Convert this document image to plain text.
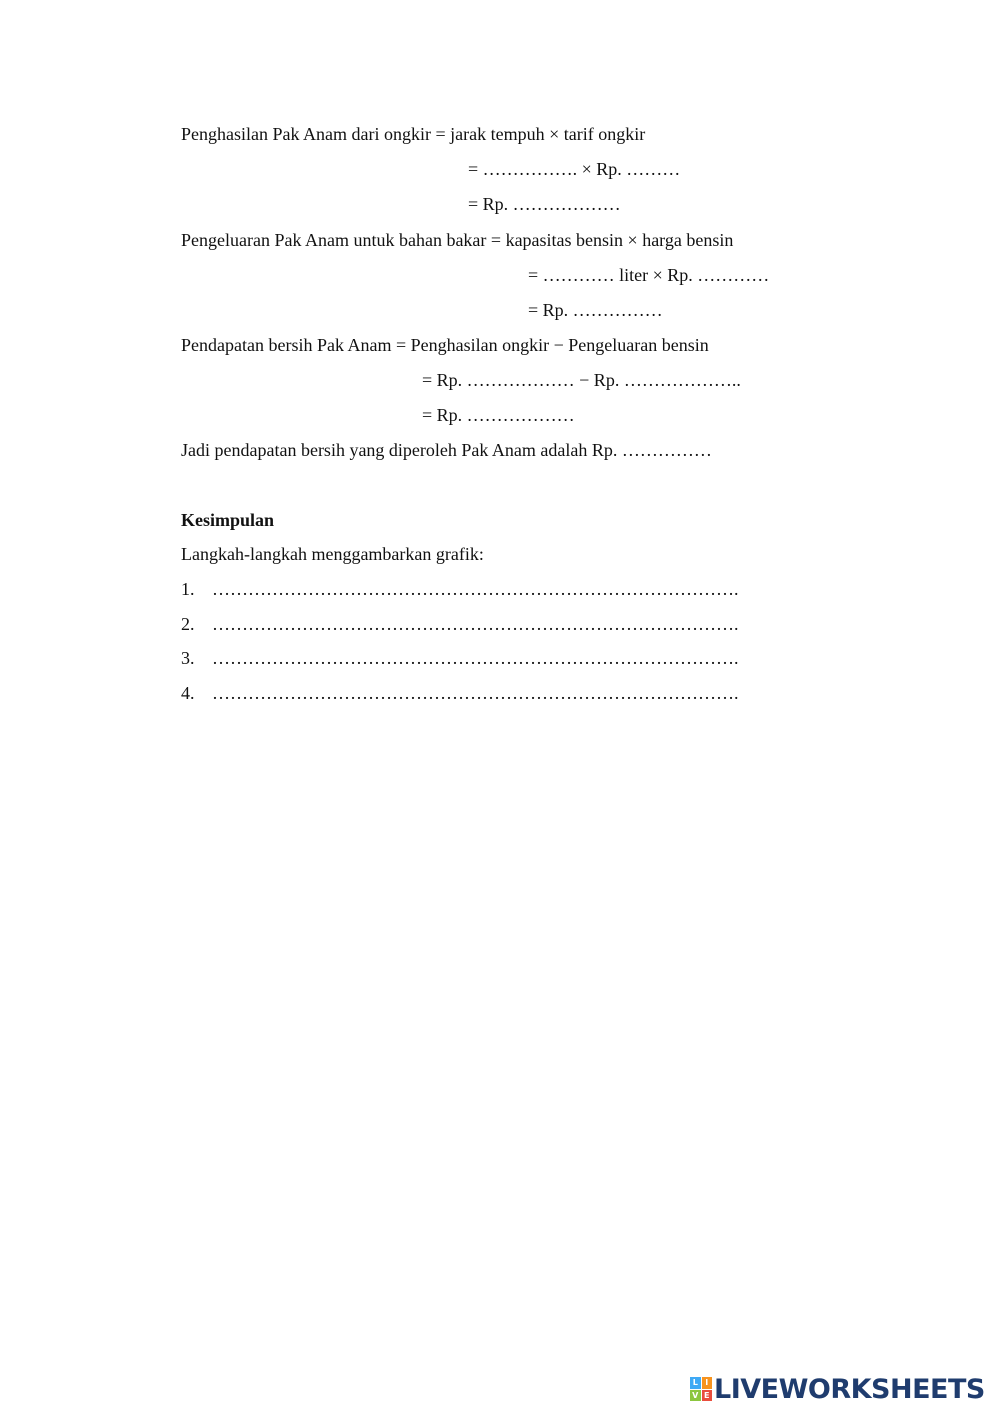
Penghasilan Pak Anam dari ongkir = jarak tempuh × tarif ongkir
= ……………. × Rp. ………
= Rp. ………………
Pengeluaran Pak Anam untuk bahan bakar = kapasitas bensin × harga bensin
= ………… liter × Rp. …………
= Rp. ……………
Pendapatan bersih Pak Anam = Penghasilan ongkir − Pengeluaran bensin
= Rp. ……………… − Rp. ………………..
= Rp. ………………
Jadi pendapatan bersih yang diperoleh Pak Anam adalah Rp. ……………
Kesimpulan
Langkah-langkah menggambarkan grafik:
1. …………………………………………………………………………….
2. …………………………………………………………………………….
3. …………………………………………………………………………….
4. …………………………………………………………………………….
L I
V E LIVEWORKSHEETS
